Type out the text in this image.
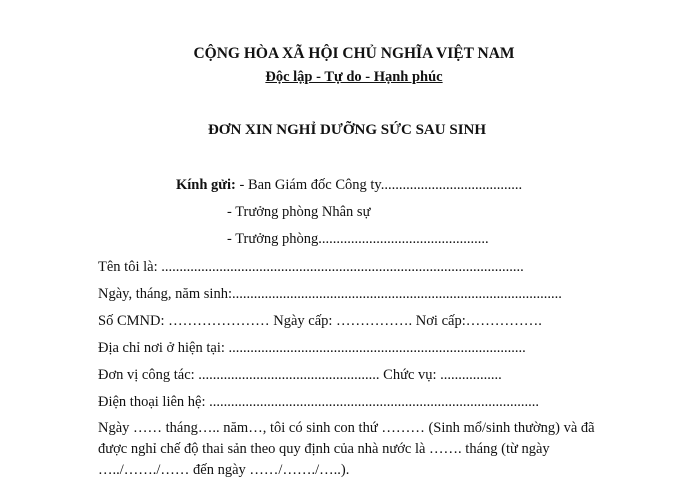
CỘNG HÒA XÃ HỘI CHỦ NGHĨA VIỆT NAM
Độc lập - Tự do - Hạnh phúc
ĐƠN XIN NGHỈ DƯỠNG SỨC SAU SINH
Kính gửi: - Ban Giám đốc Công ty.......................................
- Trưởng phòng Nhân sự
- Trưởng phòng...............................................
Tên tôi là: ....................................................................................................
Ngày, tháng, năm sinh:...........................................................................................
Số CMND: ………………… Ngày cấp: ……………. Nơi cấp:…………….
Địa chỉ nơi ở hiện tại: ..................................................................................
Đơn vị công tác: .................................................. Chức vụ: .................
Điện thoại liên hệ: ...........................................................................................
Ngày …… tháng….. năm…, tôi có sinh con thứ ……… (Sinh mổ/sinh thường) và đã
được nghỉ chế độ thai sản theo quy định của nhà nước là ……. tháng (từ ngày
…../……./…… đến ngày ……/……./…..).
